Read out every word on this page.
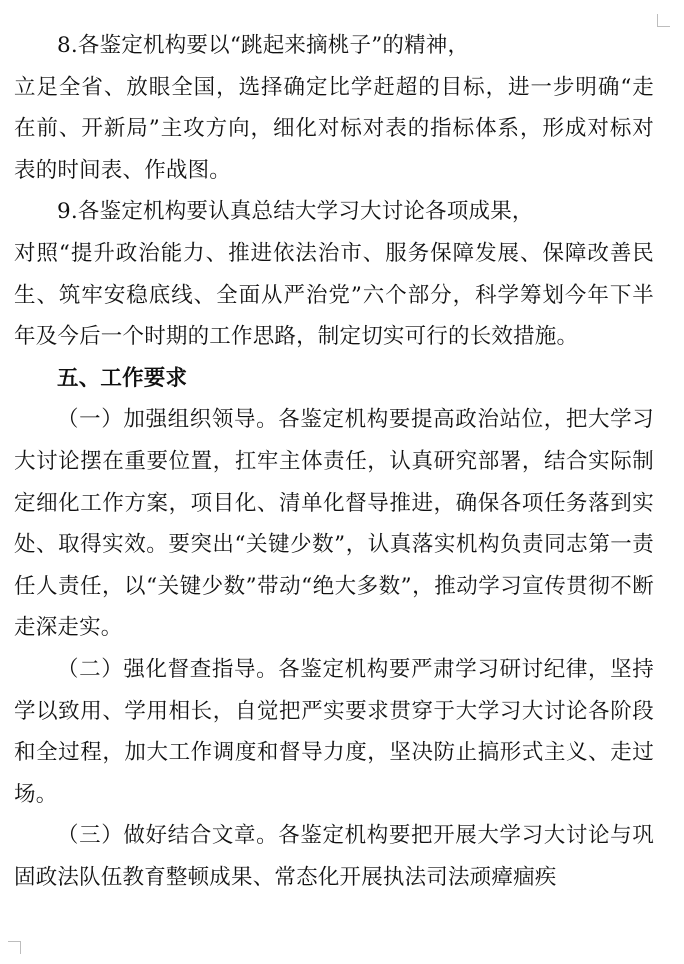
8.各鉴定机构要以“跳起来摘桃子”的精神，

立足全省、放眼全国，选择确定比学赶超的目标，进一步明确“走在前、开新局”主攻方向，细化对标对表的指标体系，形成对标对表的时间表、作战图。

9.各鉴定机构要认真总结大学习大讨论各项成果，

对照“提升政治能力、推进依法治市、服务保障发展、保障改善民生、筑牢安稳底线、全面从严治党”六个部分，科学筹划今年下半年及今后一个时期的工作思路，制定切实可行的长效措施。

五、工作要求

（一）加强组织领导。各鉴定机构要提高政治站位，把大学习大讨论摆在重要位置，扛牢主体责任，认真研究部署，结合实际制定细化工作方案，项目化、清单化督导推进，确保各项任务落到实处、取得实效。要突出“关键少数”，认真落实机构负责同志第一责任人责任，以“关键少数”带动“绝大多数”，推动学习宣传贯彻不断走深走实。

（二）强化督查指导。各鉴定机构要严肃学习研讨纪律，坚持学以致用、学用相长，自觉把严实要求贯穿于大学习大讨论各阶段和全过程，加大工作调度和督导力度，坚决防止搞形式主义、走过场。

（三）做好结合文章。各鉴定机构要把开展大学习大讨论与巩固政法队伍教育整顿成果、常态化开展执法司法顽瘴痼疾
